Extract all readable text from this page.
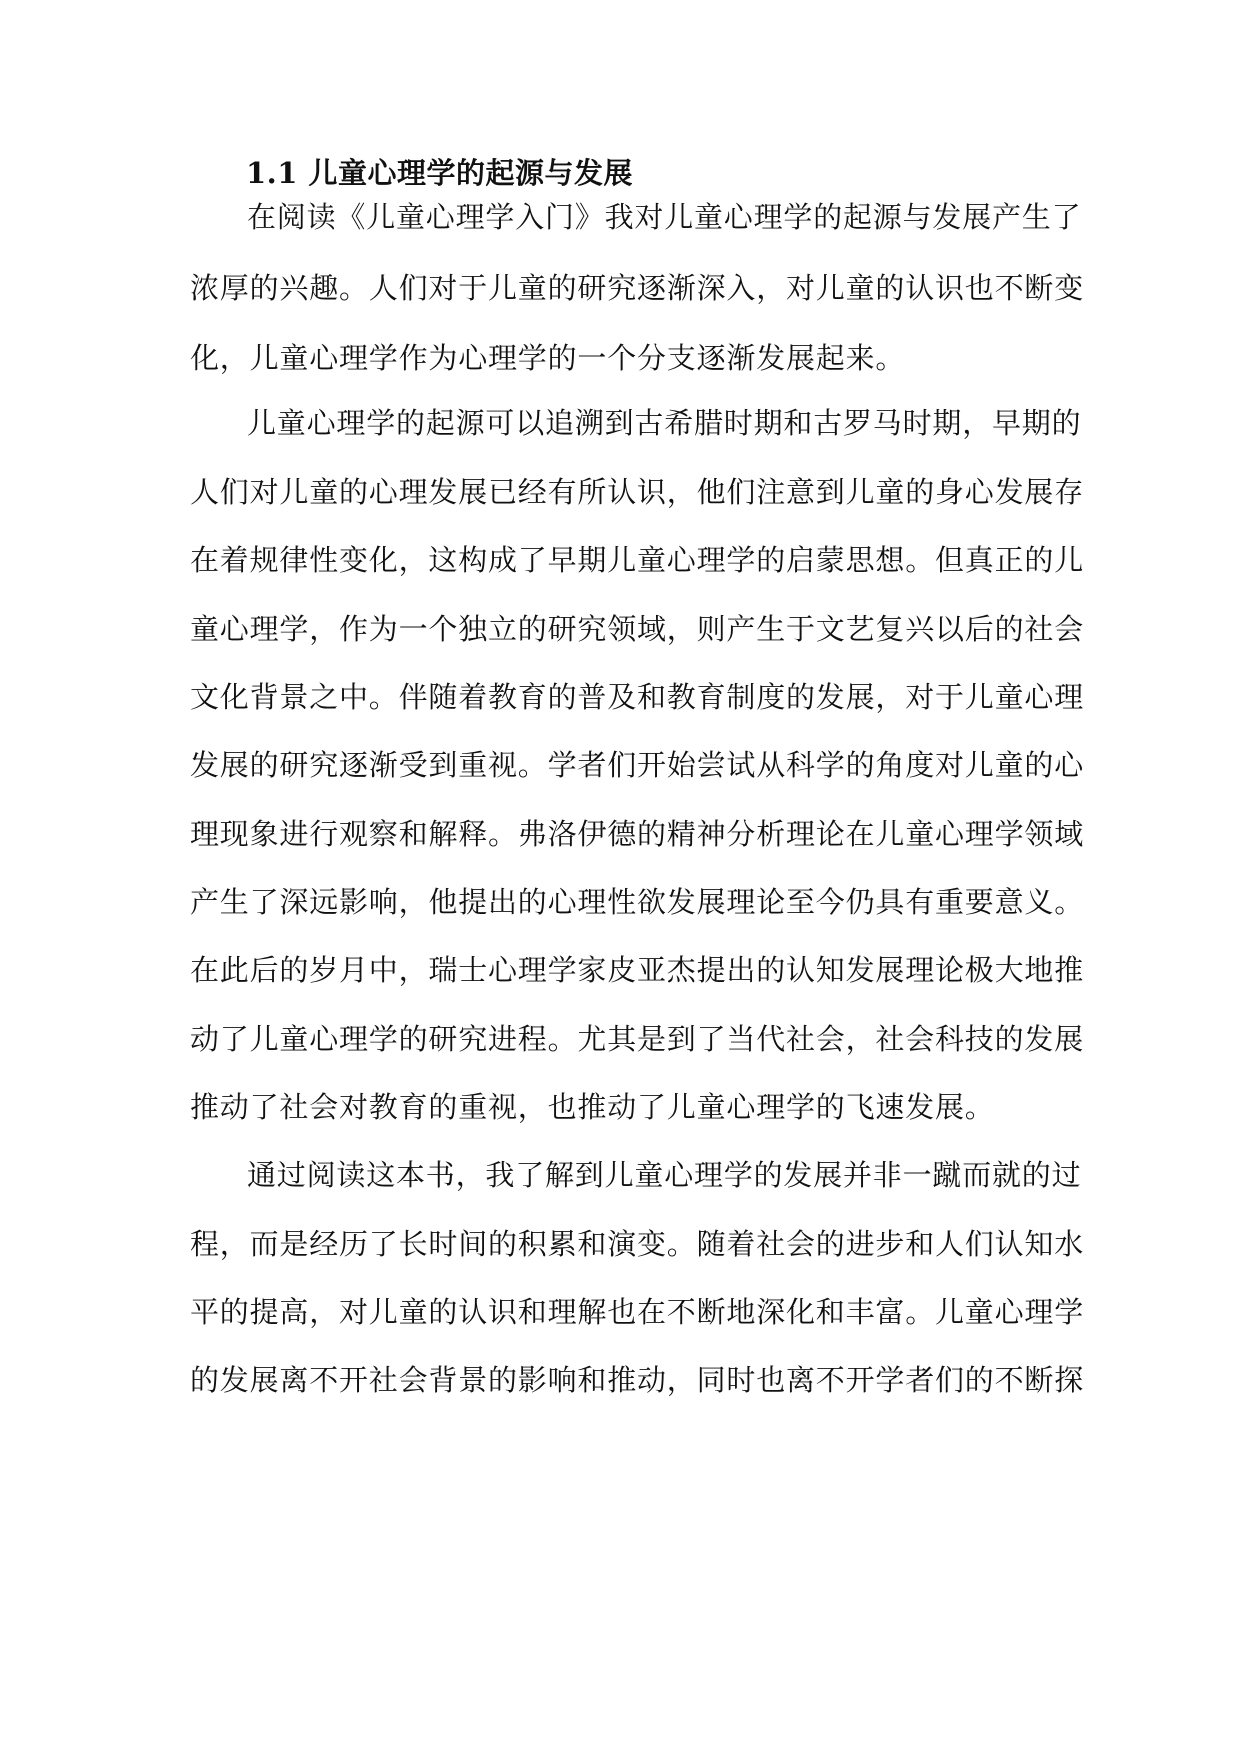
1.1 儿童心理学的起源与发展
在阅读《儿童心理学入门》我对儿童心理学的起源与发展产生了
浓厚的兴趣。人们对于儿童的研究逐渐深入，对儿童的认识也不断变
化，儿童心理学作为心理学的一个分支逐渐发展起来。
儿童心理学的起源可以追溯到古希腊时期和古罗马时期，早期的
人们对儿童的心理发展已经有所认识，他们注意到儿童的身心发展存
在着规律性变化，这构成了早期儿童心理学的启蒙思想。但真正的儿
童心理学，作为一个独立的研究领域，则产生于文艺复兴以后的社会
文化背景之中。伴随着教育的普及和教育制度的发展，对于儿童心理
发展的研究逐渐受到重视。学者们开始尝试从科学的角度对儿童的心
理现象进行观察和解释。弗洛伊德的精神分析理论在儿童心理学领域
产生了深远影响，他提出的心理性欲发展理论至今仍具有重要意义。
在此后的岁月中，瑞士心理学家皮亚杰提出的认知发展理论极大地推
动了儿童心理学的研究进程。尤其是到了当代社会，社会科技的发展
推动了社会对教育的重视，也推动了儿童心理学的飞速发展。
通过阅读这本书，我了解到儿童心理学的发展并非一蹴而就的过
程，而是经历了长时间的积累和演变。随着社会的进步和人们认知水
平的提高，对儿童的认识和理解也在不断地深化和丰富。儿童心理学
的发展离不开社会背景的影响和推动，同时也离不开学者们的不断探
